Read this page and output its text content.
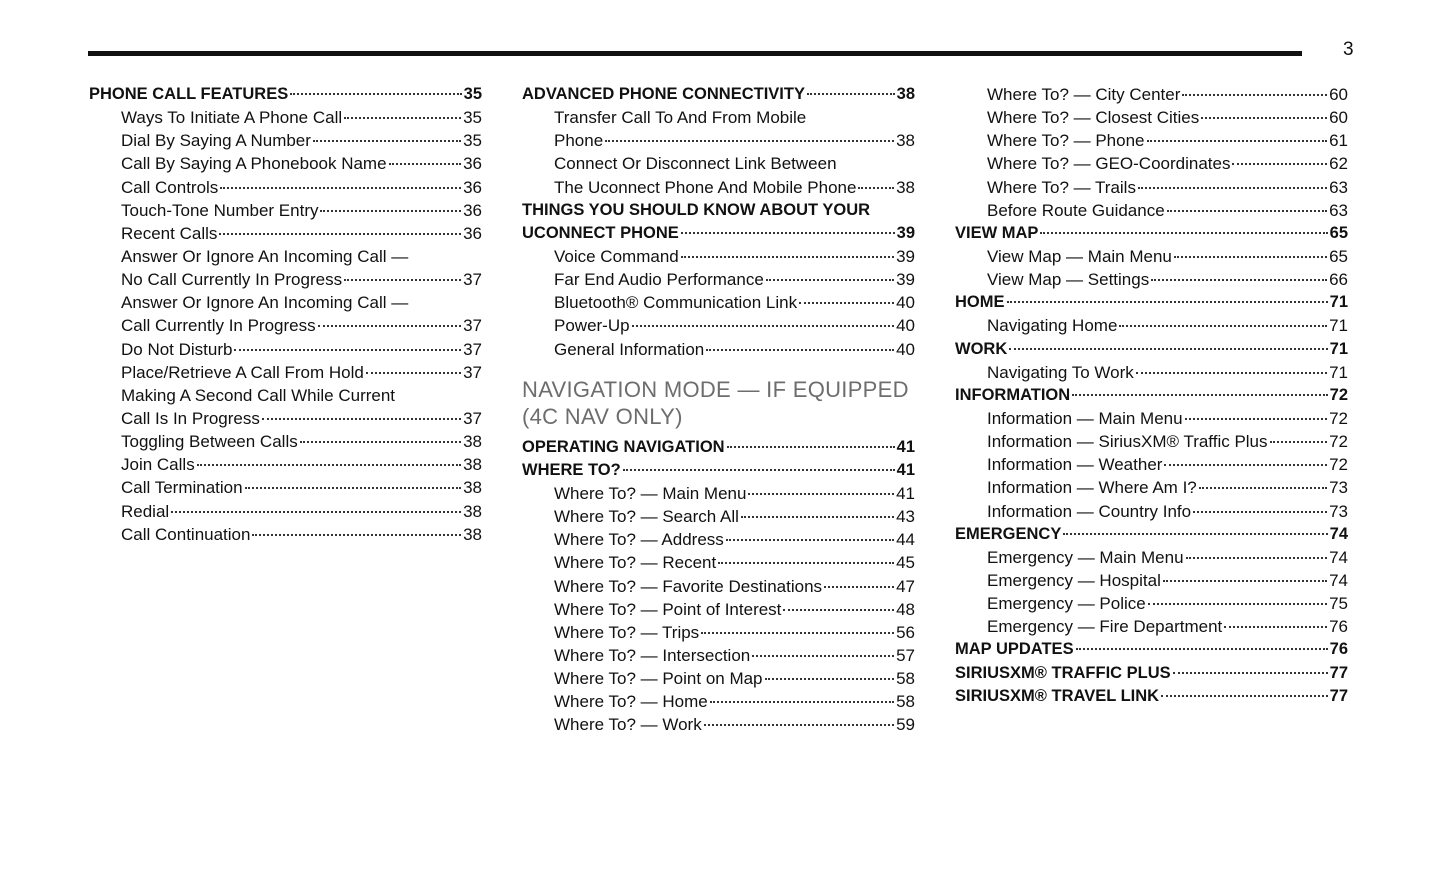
3
PHONE CALL FEATURES	35
Ways To Initiate A Phone Call	35
Dial By Saying A Number	35
Call By Saying A Phonebook Name	36
Call Controls	36
Touch-Tone Number Entry	36
Recent Calls	36
Answer Or Ignore An Incoming Call —
No Call Currently In Progress	37
Answer Or Ignore An Incoming Call —
Call Currently In Progress	37
Do Not Disturb	37
Place/Retrieve A Call From Hold	37
Making A Second Call While Current
Call Is In Progress	37
Toggling Between Calls	38
Join Calls	38
Call Termination	38
Redial	38
Call Continuation	38
ADVANCED PHONE CONNECTIVITY	38
Transfer Call To And From Mobile
Phone	38
Connect Or Disconnect Link Between
The Uconnect Phone And Mobile Phone 38
THINGS YOU SHOULD KNOW ABOUT YOUR
UCONNECT PHONE	39
Voice Command	39
Far End Audio Performance	39
Bluetooth® Communication Link	40
Power-Up	40
General Information	40
NAVIGATION MODE — IF EQUIPPED
(4C NAV ONLY)
OPERATING NAVIGATION	41
WHERE TO?	41
Where To? — Main Menu	41
Where To? — Search All	43
Where To? — Address	44
Where To? — Recent	45
Where To? — Favorite Destinations	47
Where To? — Point of Interest	48
Where To? — Trips	56
Where To? — Intersection	57
Where To? — Point on Map	58
Where To? — Home	58
Where To? — Work	59
Where To? — City Center	60
Where To? — Closest Cities	60
Where To? — Phone	61
Where To? — GEO-Coordinates	62
Where To? — Trails	63
Before Route Guidance	63
VIEW MAP	65
View Map — Main Menu	65
View Map — Settings	66
HOME	71
Navigating Home	71
WORK	71
Navigating To Work	71
INFORMATION	72
Information — Main Menu	72
Information — SiriusXM® Traffic Plus	72
Information — Weather	72
Information — Where Am I?	73
Information — Country Info	73
EMERGENCY	74
Emergency — Main Menu	74
Emergency — Hospital	74
Emergency — Police	75
Emergency — Fire Department	76
MAP UPDATES	76
SIRIUSXM® TRAFFIC PLUS	77
SIRIUSXM® TRAVEL LINK	77
